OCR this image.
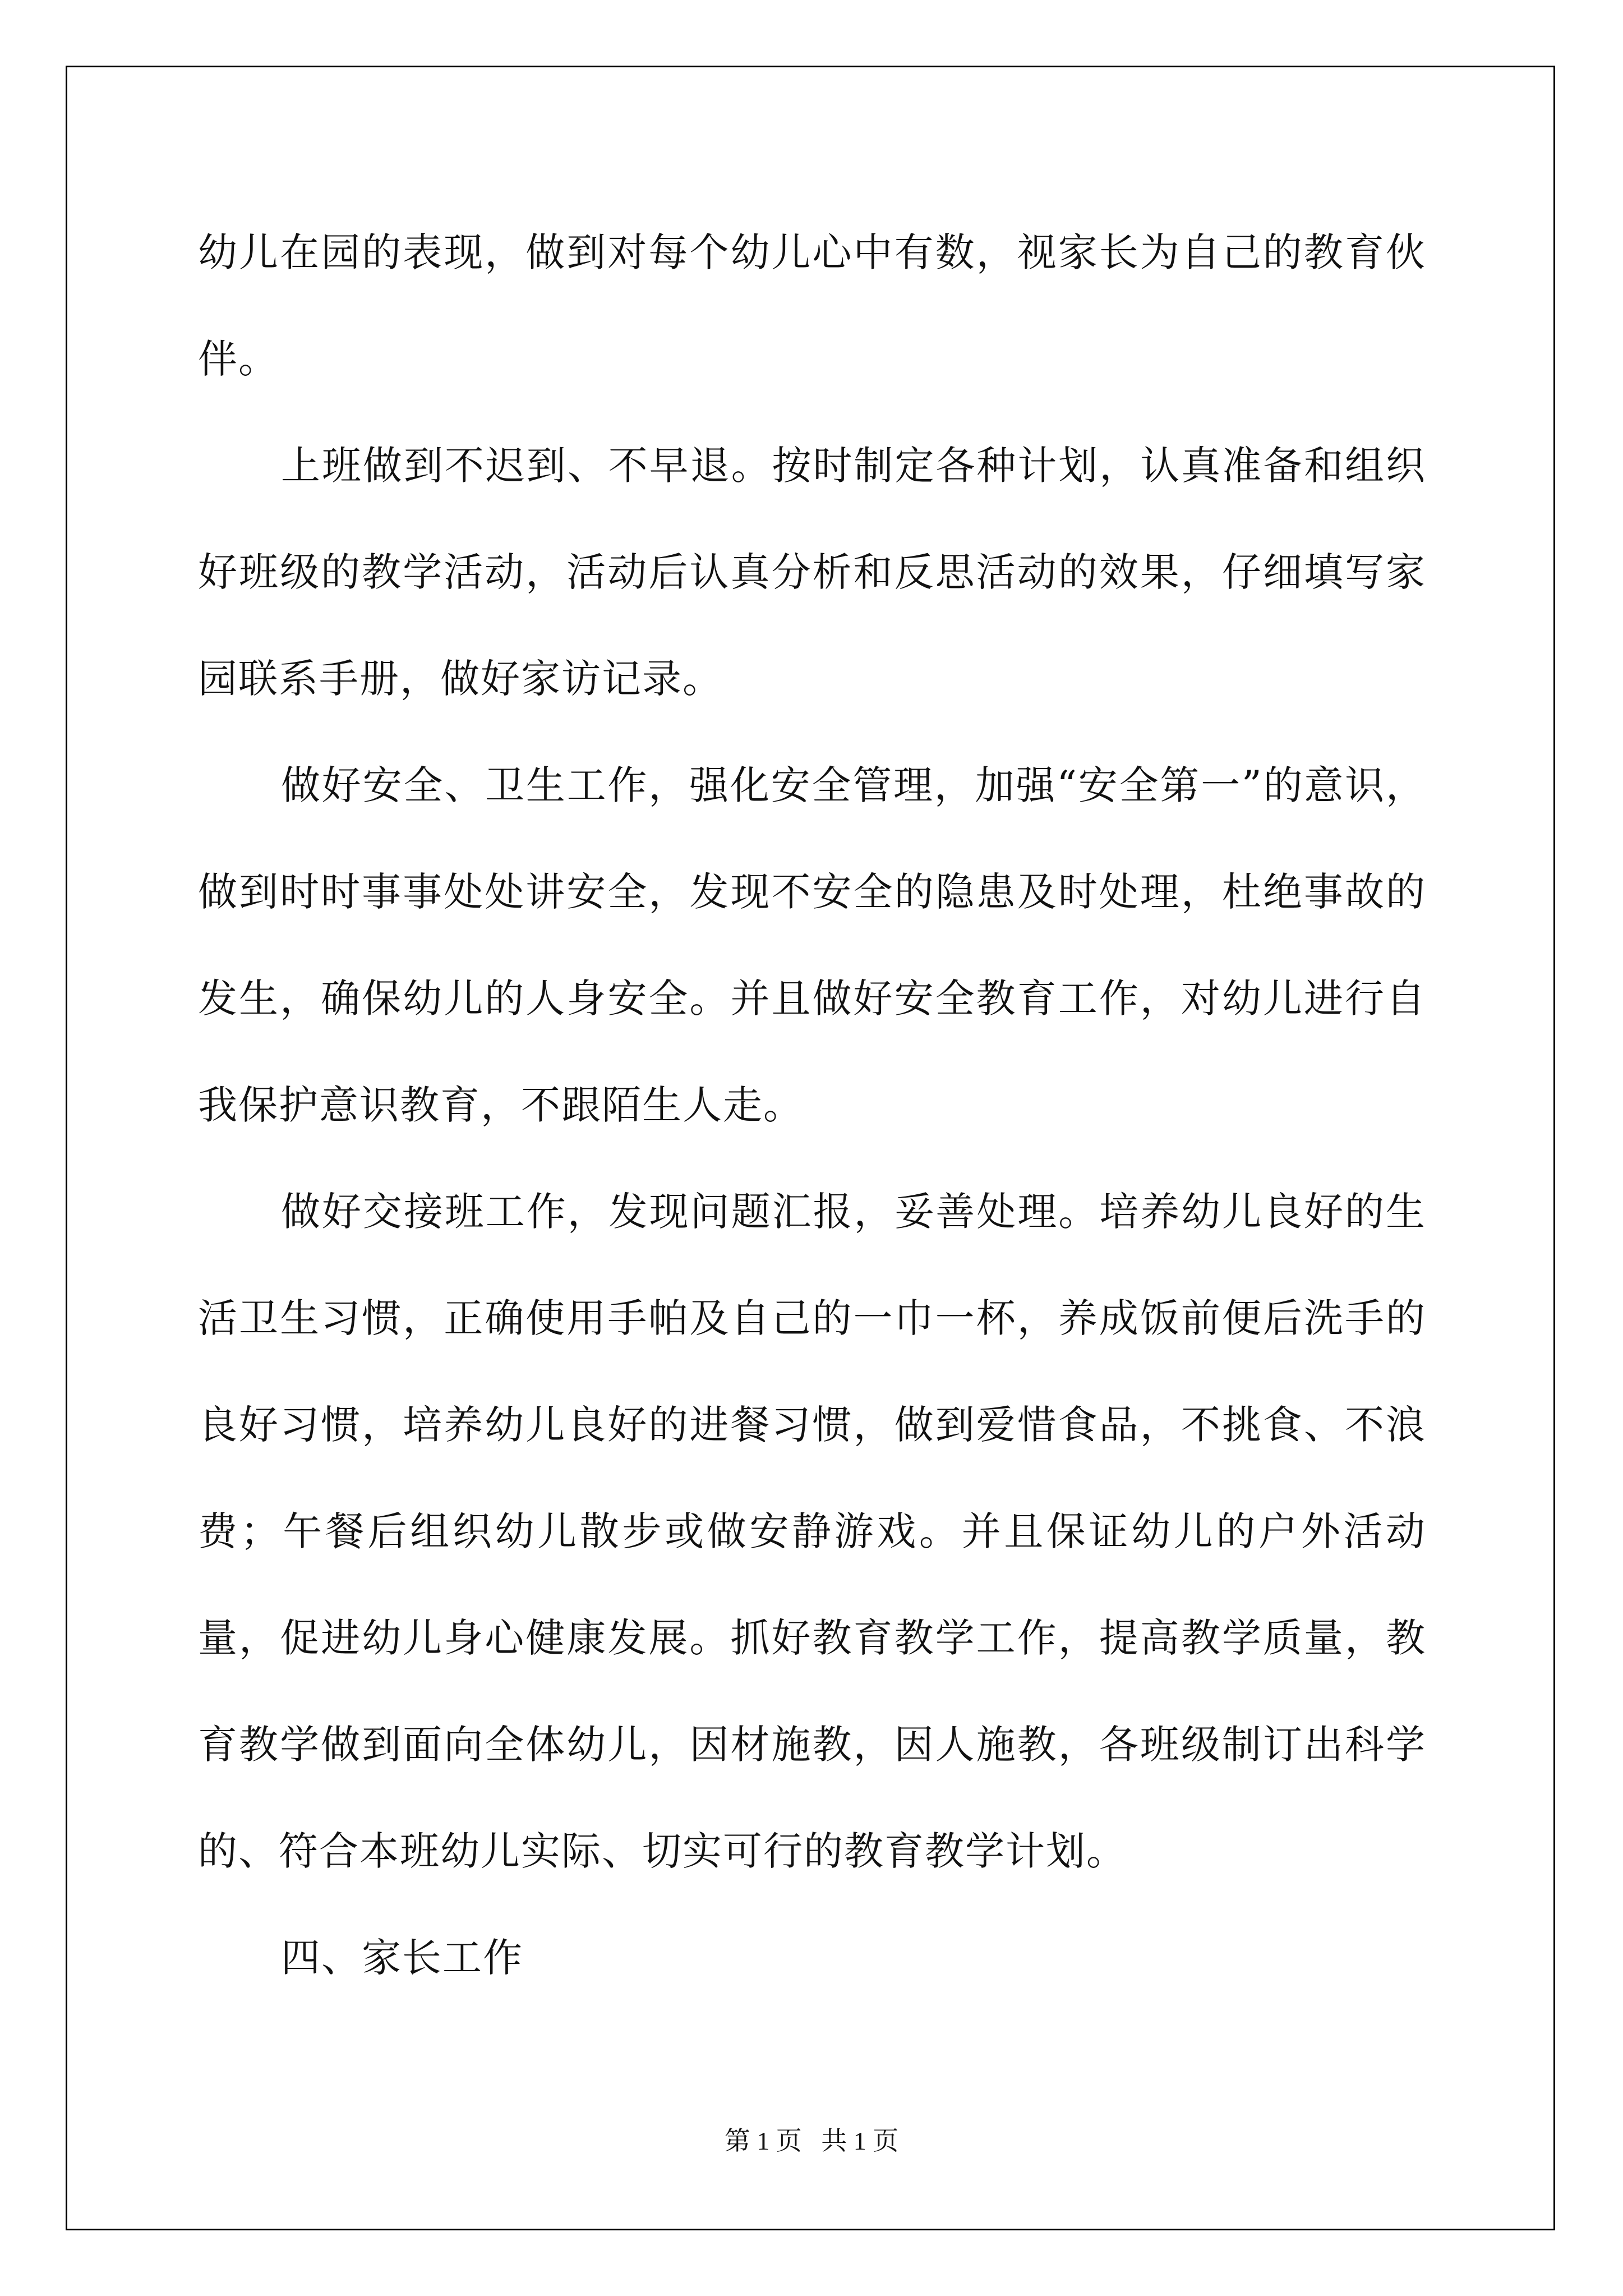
幼儿在园的表现，做到对每个幼儿心中有数，视家长为自己的教育伙伴。

上班做到不迟到、不早退。按时制定各种计划，认真准备和组织好班级的教学活动，活动后认真分析和反思活动的效果，仔细填写家园联系手册，做好家访记录。

做好安全、卫生工作，强化安全管理，加强“安全第一”的意识，做到时时事事处处讲安全，发现不安全的隐患及时处理，杜绝事故的发生，确保幼儿的人身安全。并且做好安全教育工作，对幼儿进行自我保护意识教育，不跟陌生人走。

做好交接班工作，发现问题汇报，妥善处理。培养幼儿良好的生活卫生习惯，正确使用手帕及自己的一巾一杯，养成饭前便后洗手的良好习惯，培养幼儿良好的进餐习惯，做到爱惜食品，不挑食、不浪费；午餐后组织幼儿散步或做安静游戏。并且保证幼儿的户外活动量，促进幼儿身心健康发展。抓好教育教学工作，提高教学质量，教育教学做到面向全体幼儿，因材施教，因人施教，各班级制订出科学的、符合本班幼儿实际、切实可行的教育教学计划。

四、家长工作

第 1 页 共 1 页
